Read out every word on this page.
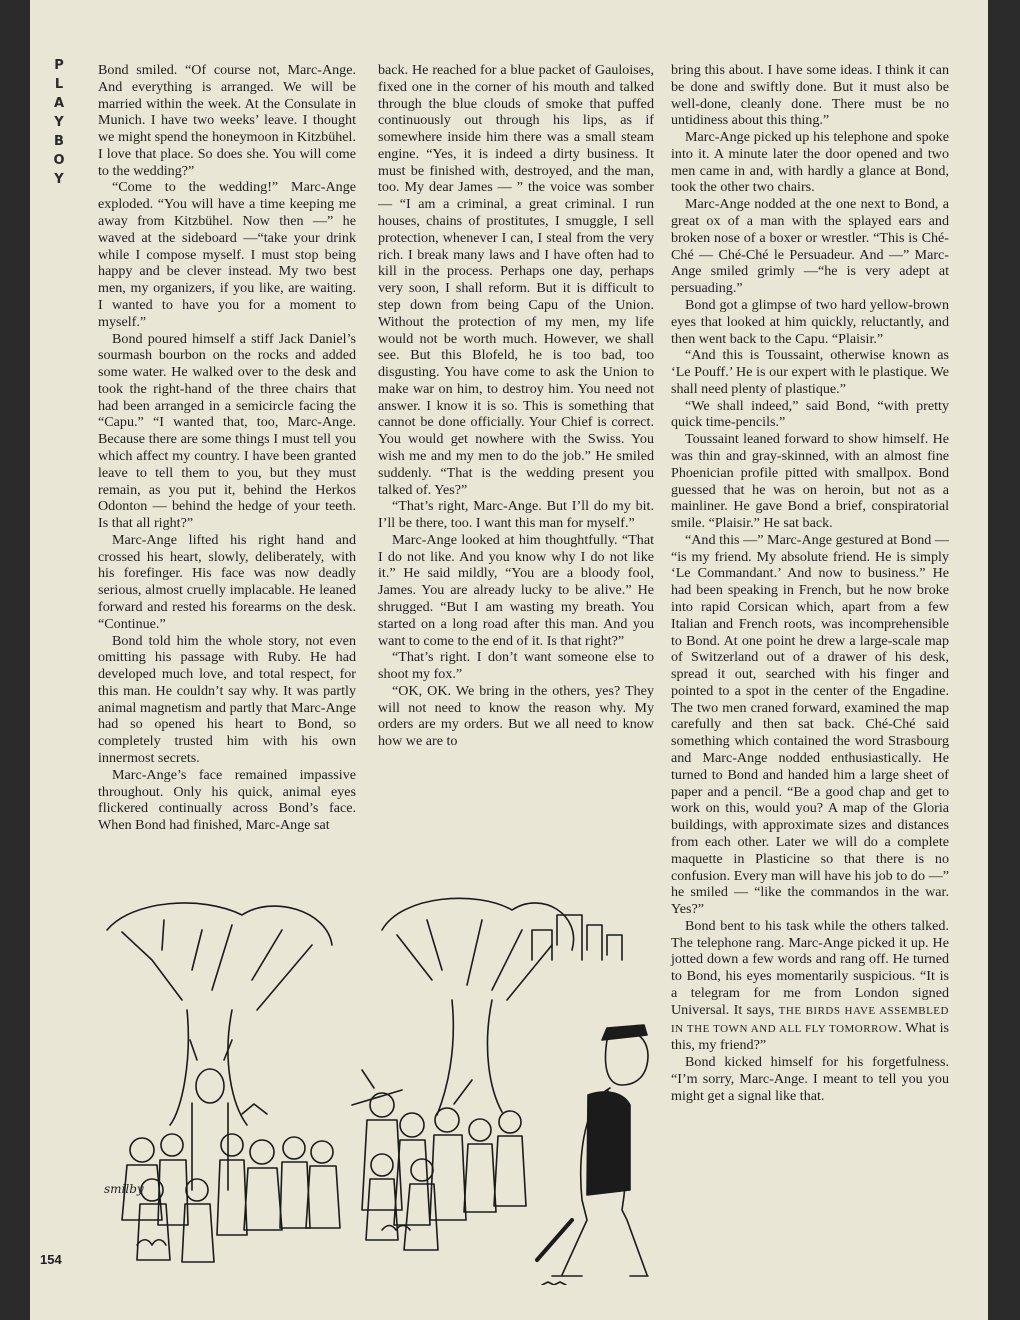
P
L
A
Y
B
O
Y

Bond smiled. “Of course not, Marc-Ange. And everything is arranged. We will be married within the week. At the Consulate in Munich. I have two weeks’ leave. I thought we might spend the honeymoon in Kitzbühel. I love that place. So does she. You will come to the wedding?”

“Come to the wedding!” Marc-Ange exploded. “You will have a time keeping me away from Kitzbühel. Now then —” he waved at the sideboard —“take your drink while I compose myself. I must stop being happy and be clever instead. My two best men, my organizers, if you like, are waiting. I wanted to have you for a moment to myself.”

Bond poured himself a stiff Jack Daniel’s sourmash bourbon on the rocks and added some water. He walked over to the desk and took the right-hand of the three chairs that had been arranged in a semicircle facing the “Capu.” “I wanted that, too, Marc-Ange. Because there are some things I must tell you which affect my country. I have been granted leave to tell them to you, but they must remain, as you put it, behind the Herkos Odonton — behind the hedge of your teeth. Is that all right?”

Marc-Ange lifted his right hand and crossed his heart, slowly, deliberately, with his forefinger. His face was now deadly serious, almost cruelly implacable. He leaned forward and rested his forearms on the desk. “Continue.”

Bond told him the whole story, not even omitting his passage with Ruby. He had developed much love, and total respect, for this man. He couldn’t say why. It was partly animal magnetism and partly that Marc-Ange had so opened his heart to Bond, so completely trusted him with his own innermost secrets.

Marc-Ange’s face remained impassive throughout. Only his quick, animal eyes flickered continually across Bond’s face. When Bond had finished, Marc-Ange sat

back. He reached for a blue packet of Gauloises, fixed one in the corner of his mouth and talked through the blue clouds of smoke that puffed continuously out through his lips, as if somewhere inside him there was a small steam engine. “Yes, it is indeed a dirty business. It must be finished with, destroyed, and the man, too. My dear James — ” the voice was somber — “I am a criminal, a great criminal. I run houses, chains of prostitutes, I smuggle, I sell protection, whenever I can, I steal from the very rich. I break many laws and I have often had to kill in the process. Perhaps one day, perhaps very soon, I shall reform. But it is difficult to step down from being Capu of the Union. Without the protection of my men, my life would not be worth much. However, we shall see. But this Blofeld, he is too bad, too disgusting. You have come to ask the Union to make war on him, to destroy him. You need not answer. I know it is so. This is something that cannot be done officially. Your Chief is correct. You would get nowhere with the Swiss. You wish me and my men to do the job.” He smiled suddenly. “That is the wedding present you talked of. Yes?”

“That’s right, Marc-Ange. But I’ll do my bit. I’ll be there, too. I want this man for myself.”

Marc-Ange looked at him thoughtfully. “That I do not like. And you know why I do not like it.” He said mildly, “You are a bloody fool, James. You are already lucky to be alive.” He shrugged. “But I am wasting my breath. You started on a long road after this man. And you want to come to the end of it. Is that right?”

“That’s right. I don’t want someone else to shoot my fox.”

“OK, OK. We bring in the others, yes? They will not need to know the reason why. My orders are my orders. But we all need to know how we are to

bring this about. I have some ideas. I think it can be done and swiftly done. But it must also be well-done, cleanly done. There must be no untidiness about this thing.”

Marc-Ange picked up his telephone and spoke into it. A minute later the door opened and two men came in and, with hardly a glance at Bond, took the other two chairs.

Marc-Ange nodded at the one next to Bond, a great ox of a man with the splayed ears and broken nose of a boxer or wrestler. “This is Ché-Ché — Ché-Ché le Persuadeur. And —” Marc-Ange smiled grimly —“he is very adept at persuading.”

Bond got a glimpse of two hard yellow-brown eyes that looked at him quickly, reluctantly, and then went back to the Capu. “Plaisir.”

“And this is Toussaint, otherwise known as ‘Le Pouff.’ He is our expert with le plastique. We shall need plenty of plastique.”

“We shall indeed,” said Bond, “with pretty quick time-pencils.”

Toussaint leaned forward to show himself. He was thin and gray-skinned, with an almost fine Phoenician profile pitted with smallpox. Bond guessed that he was on heroin, but not as a mainliner. He gave Bond a brief, conspiratorial smile. “Plaisir.” He sat back.

“And this —” Marc-Ange gestured at Bond — “is my friend. My absolute friend. He is simply ‘Le Commandant.’ And now to business.” He had been speaking in French, but he now broke into rapid Corsican which, apart from a few Italian and French roots, was incomprehensible to Bond. At one point he drew a large-scale map of Switzerland out of a drawer of his desk, spread it out, searched with his finger and pointed to a spot in the center of the Engadine. The two men craned forward, examined the map carefully and then sat back. Ché-Ché said something which contained the word Strasbourg and Marc-Ange nodded enthusiastically. He turned to Bond and handed him a large sheet of paper and a pencil. “Be a good chap and get to work on this, would you? A map of the Gloria buildings, with approximate sizes and distances from each other. Later we will do a complete maquette in Plasticine so that there is no confusion. Every man will have his job to do —” he smiled — “like the commandos in the war. Yes?”

Bond bent to his task while the others talked. The telephone rang. Marc-Ange picked it up. He jotted down a few words and rang off. He turned to Bond, his eyes momentarily suspicious. “It is a telegram for me from London signed Universal. It says, THE BIRDS HAVE ASSEMBLED IN THE TOWN AND ALL FLY TOMORROW. What is this, my friend?”

Bond kicked himself for his forgetfulness. “I’m sorry, Marc-Ange. I meant to tell you you might get a signal like that.

smilby
154
